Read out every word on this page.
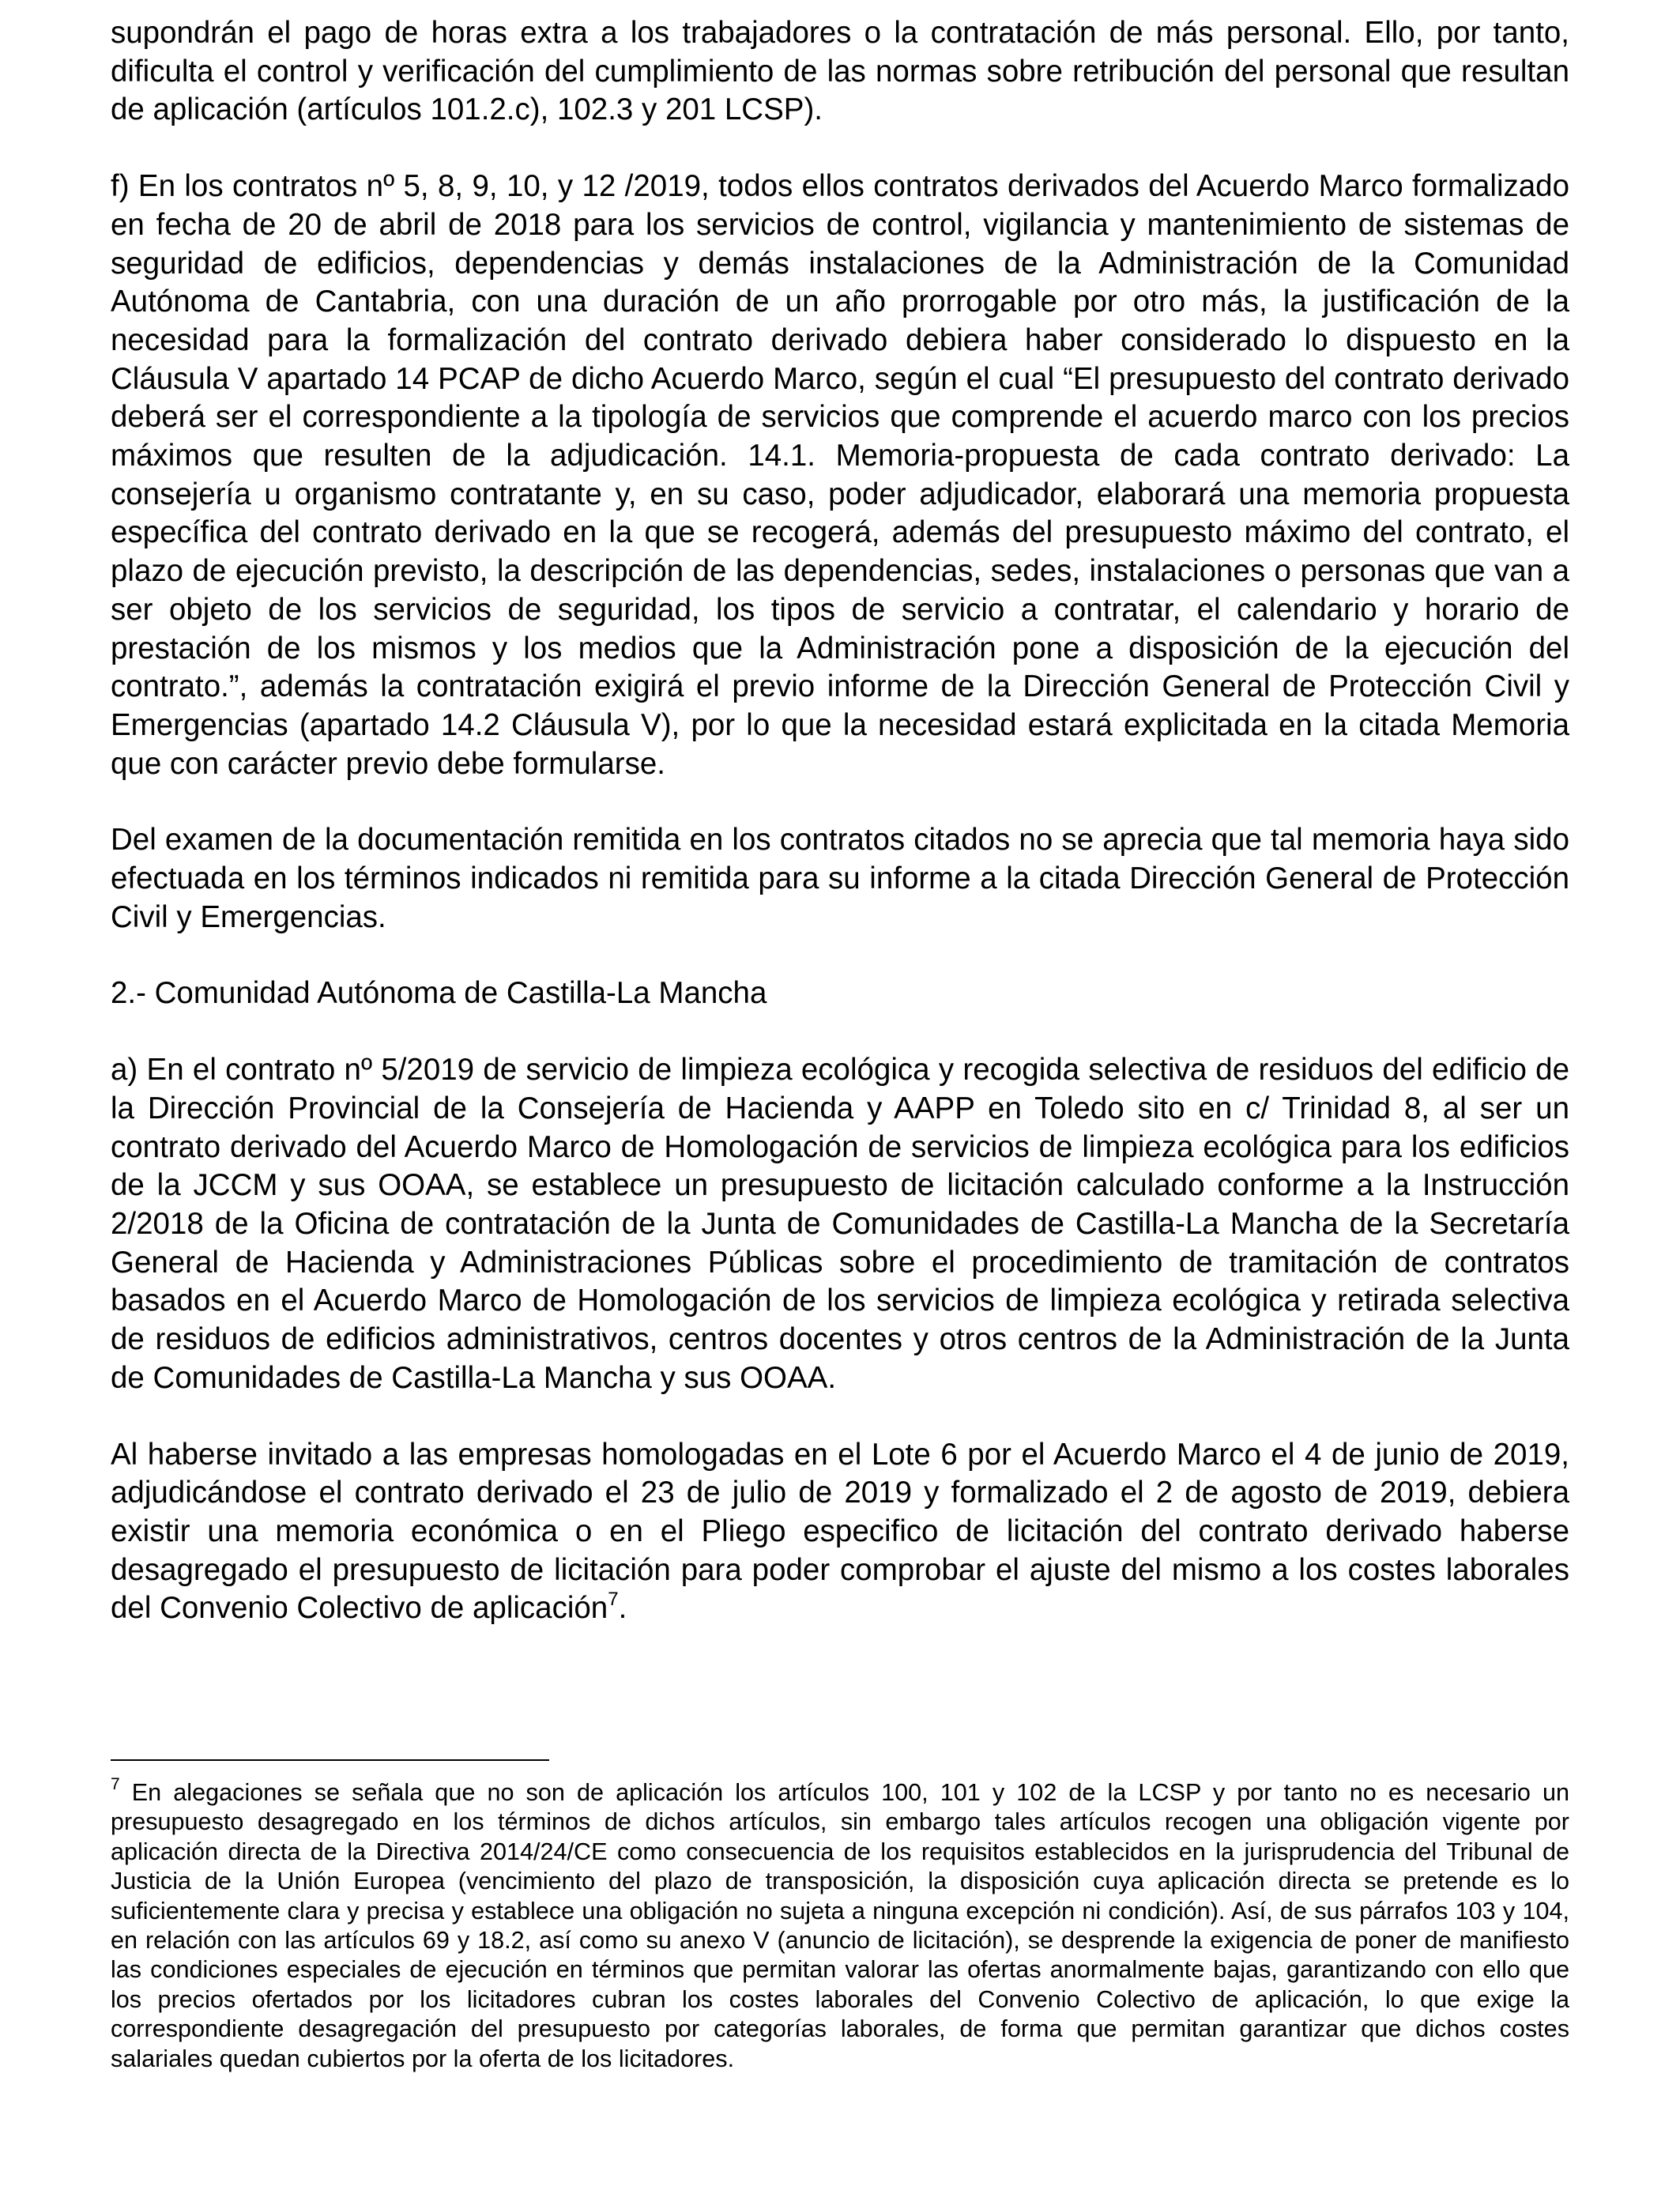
supondrán el pago de horas extra a los trabajadores o la contratación de más personal. Ello, por tanto, dificulta el control y verificación del cumplimiento de las normas sobre retribución del personal que resultan de aplicación (artículos 101.2.c), 102.3 y 201 LCSP).

f) En los contratos nº 5, 8, 9, 10, y 12 /2019, todos ellos contratos derivados del Acuerdo Marco formalizado en fecha de 20 de abril de 2018 para los servicios de control, vigilancia y mantenimiento de sistemas de seguridad de edificios, dependencias y demás instalaciones de la Administración de la Comunidad Autónoma de Cantabria, con una duración de un año prorrogable por otro más, la justificación de la necesidad para la formalización del contrato derivado debiera haber considerado lo dispuesto en la Cláusula V apartado 14 PCAP de dicho Acuerdo Marco, según el cual “El presupuesto del contrato derivado deberá ser el correspondiente a la tipología de servicios que comprende el acuerdo marco con los precios máximos que resulten de la adjudicación. 14.1. Memoria-propuesta de cada contrato derivado: La consejería u organismo contratante y, en su caso, poder adjudicador, elaborará una memoria propuesta específica del contrato derivado en la que se recogerá, además del presupuesto máximo del contrato, el plazo de ejecución previsto, la descripción de las dependencias, sedes, instalaciones o personas que van a ser objeto de los servicios de seguridad, los tipos de servicio a contratar, el calendario y horario de prestación de los mismos y los medios que la Administración pone a disposición de la ejecución del contrato.”, además la contratación exigirá el previo informe de la Dirección General de Protección Civil y Emergencias (apartado 14.2 Cláusula V), por lo que la necesidad estará explicitada en la citada Memoria que con carácter previo debe formularse.

Del examen de la documentación remitida en los contratos citados no se aprecia que tal memoria haya sido efectuada en los términos indicados ni remitida para su informe a la citada Dirección General de Protección Civil y Emergencias.

2.- Comunidad Autónoma de Castilla-La Mancha

a) En el contrato nº 5/2019 de servicio de limpieza ecológica y recogida selectiva de residuos del edificio de la Dirección Provincial de la Consejería de Hacienda y AAPP en Toledo sito en c/ Trinidad 8, al ser un contrato derivado del Acuerdo Marco de Homologación de servicios de limpieza ecológica para los edificios de la JCCM y sus OOAA, se establece un presupuesto de licitación calculado conforme a la Instrucción 2/2018 de la Oficina de contratación de la Junta de Comunidades de Castilla-La Mancha de la Secretaría General de Hacienda y Administraciones Públicas sobre el procedimiento de tramitación de contratos basados en el Acuerdo Marco de Homologación de los servicios de limpieza ecológica y retirada selectiva de residuos de edificios administrativos, centros docentes y otros centros de la Administración de la Junta de Comunidades de Castilla-La Mancha y sus OOAA.

Al haberse invitado a las empresas homologadas en el Lote 6 por el Acuerdo Marco el 4 de junio de 2019, adjudicándose el contrato derivado el 23 de julio de 2019 y formalizado el 2 de agosto de 2019, debiera existir una memoria económica o en el Pliego especifico de licitación del contrato derivado haberse desagregado el presupuesto de licitación para poder comprobar el ajuste del mismo a los costes laborales del Convenio Colectivo de aplicación$^7$.

$^7$ En alegaciones se señala que no son de aplicación los artículos 100, 101 y 102 de la LCSP y por tanto no es necesario un presupuesto desagregado en los términos de dichos artículos, sin embargo tales artículos recogen una obligación vigente por aplicación directa de la Directiva 2014/24/CE como consecuencia de los requisitos establecidos en la jurisprudencia del Tribunal de Justicia de la Unión Europea (vencimiento del plazo de transposición, la disposición cuya aplicación directa se pretende es lo suficientemente clara y precisa y establece una obligación no sujeta a ninguna excepción ni condición). Así, de sus párrafos 103 y 104, en relación con las artículos 69 y 18.2, así como su anexo V (anuncio de licitación), se desprende la exigencia de poner de manifiesto las condiciones especiales de ejecución en términos que permitan valorar las ofertas anormalmente bajas, garantizando con ello que los precios ofertados por los licitadores cubran los costes laborales del Convenio Colectivo de aplicación, lo que exige la correspondiente desagregación del presupuesto por categorías laborales, de forma que permitan garantizar que dichos costes salariales quedan cubiertos por la oferta de los licitadores.
